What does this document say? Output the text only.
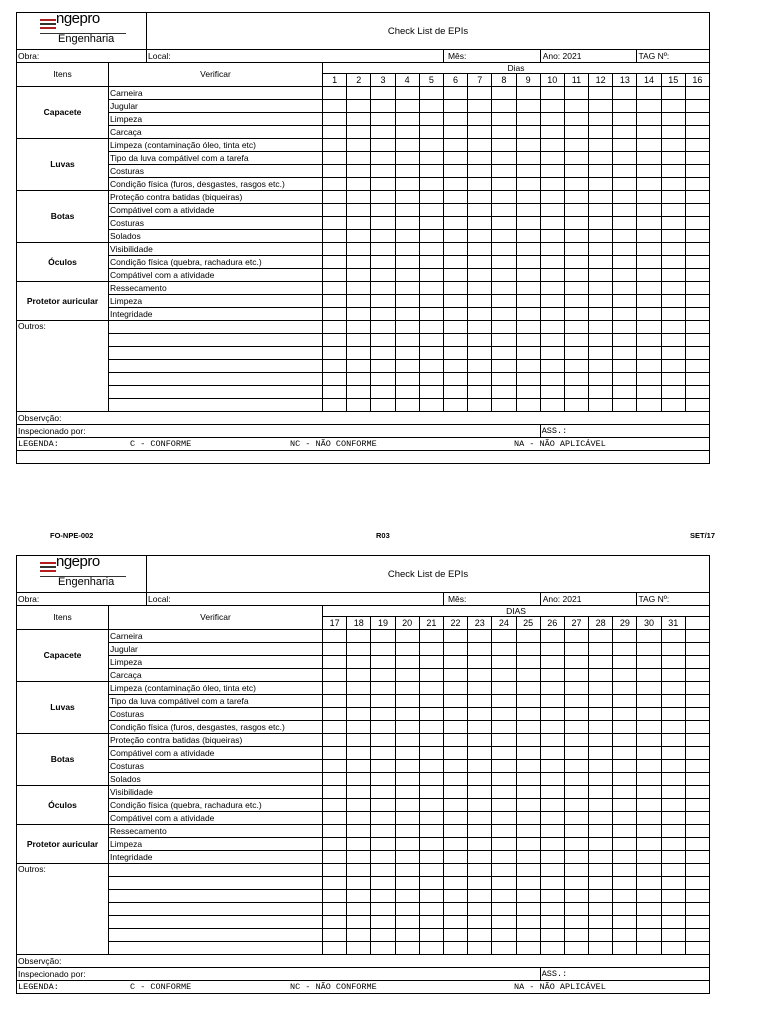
ngepro
Engenharia		Check List de EPIs																
Obra:		Local:						Mês:				Ano: 2021				TAG Nº:		
Itens	Verificar		Dias															
			1	2	3	4	5	6	7	8	9	10	11	12	13	14	15	16
Capacete	Carneira																	
	Jugular																	
	Limpeza																	
	Carcaça																	
Luvas	Limpeza (contaminação óleo, tinta etc)																	
	Tipo da luva compátivel com a tarefa																	
	Costuras																	
	Condição física (furos, desgastes, rasgos etc.)																	
Botas	Proteção contra batidas (biqueiras)																	
	Compátivel com a atividade																	
	Costuras																	
	Solados																	
Óculos	Visibilidade																	
	Condição física (quebra, rachadura etc.)																	
	Compátivel com a atividade																	
Protetor auricular	Ressecamento																	
	Limpeza																	
	Integridade																	
Outros:																		

Observção:																		
Inspecionado por:												ASS.:						
LEGENDA: C - CONFORME NC - NÃO CONFORME NA - NÃO APLICÁVEL																		

FO-NPE-002	R03	SET/17
ngepro
Engenharia		Check List de EPIs																
Obra:		Local:						Mês:				Ano: 2021				TAG Nº:		
Itens	Verificar		DIAS															
			17	18	19	20	21	22	23	24	25	26	27	28	29	30	31	
Capacete	Carneira																	
	Jugular																	
	Limpeza																	
	Carcaça																	
Luvas	Limpeza (contaminação óleo, tinta etc)																	
	Tipo da luva compátivel com a tarefa																	
	Costuras																	
	Condição física (furos, desgastes, rasgos etc.)																	
Botas	Proteção contra batidas (biqueiras)																	
	Compátivel com a atividade																	
	Costuras																	
	Solados																	
Óculos	Visibilidade																	
	Condição física (quebra, rachadura etc.)																	
	Compátivel com a atividade																	
Protetor auricular	Ressecamento																	
	Limpeza																	
	Integridade																	
Outros:																		

Observção:																		
Inspecionado por:												ASS.:						
LEGENDA: C - CONFORME NC - NÃO CONFORME NA - NÃO APLICÁVEL																		
